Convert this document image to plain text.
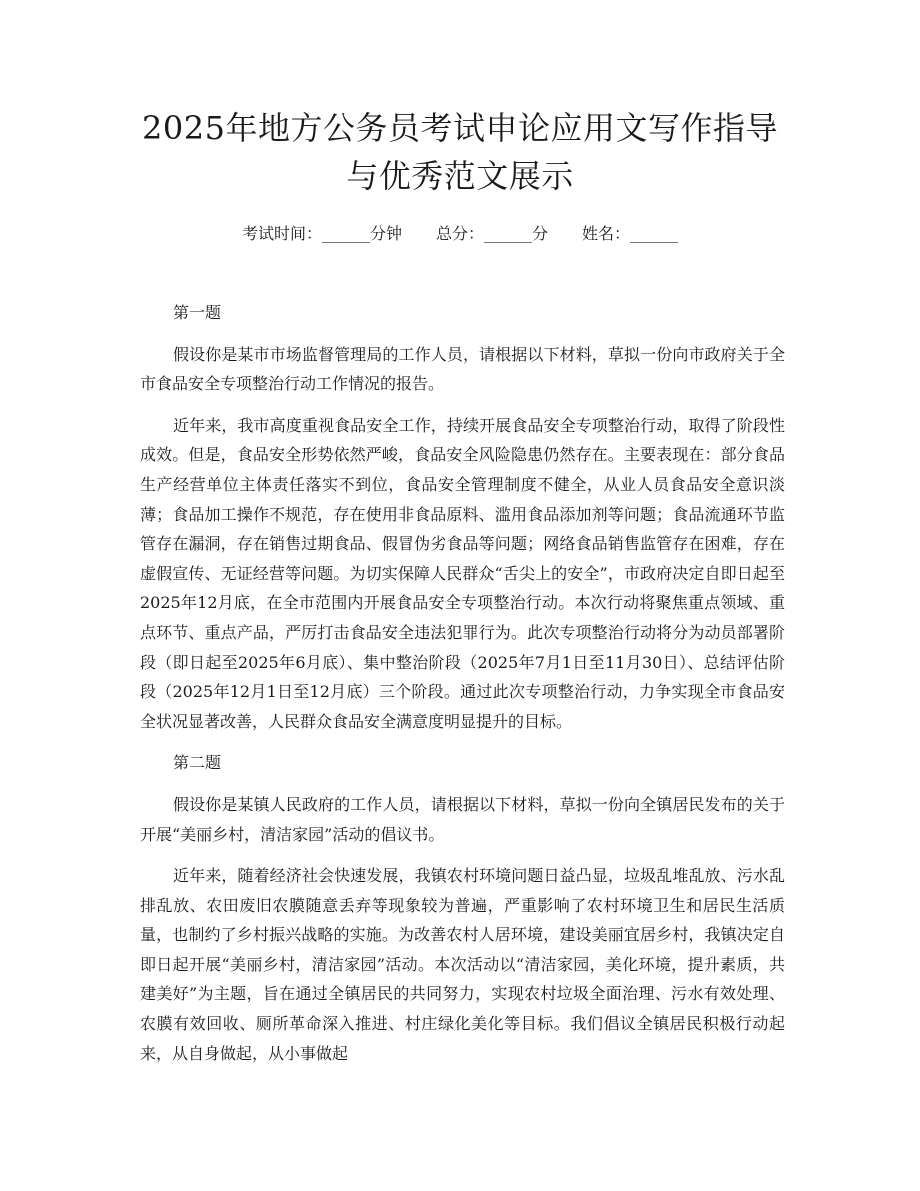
2025年地方公务员考试申论应用文写作指导
与优秀范文展示
考试时间：______分钟 总分：______分 姓名：______

第一题

假设你是某市市场监督管理局的工作人员，请根据以下材料，草拟一份向市政府关于全市食品安全专项整治行动工作情况的报告。

近年来，我市高度重视食品安全工作，持续开展食品安全专项整治行动，取得了阶段性成效。但是，食品安全形势依然严峻，食品安全风险隐患仍然存在。主要表现在：部分食品生产经营单位主体责任落实不到位，食品安全管理制度不健全，从业人员食品安全意识淡薄；食品加工操作不规范，存在使用非食品原料、滥用食品添加剂等问题；食品流通环节监管存在漏洞，存在销售过期食品、假冒伪劣食品等问题；网络食品销售监管存在困难，存在虚假宣传、无证经营等问题。为切实保障人民群众“舌尖上的安全”，市政府决定自即日起至2025年12月底，在全市范围内开展食品安全专项整治行动。本次行动将聚焦重点领域、重点环节、重点产品，严厉打击食品安全违法犯罪行为。此次专项整治行动将分为动员部署阶段（即日起至2025年6月底）、集中整治阶段（2025年7月1日至11月30日）、总结评估阶段（2025年12月1日至12月底）三个阶段。通过此次专项整治行动，力争实现全市食品安全状况显著改善，人民群众食品安全满意度明显提升的目标。

第二题

假设你是某镇人民政府的工作人员，请根据以下材料，草拟一份向全镇居民发布的关于开展“美丽乡村，清洁家园”活动的倡议书。

近年来，随着经济社会快速发展，我镇农村环境问题日益凸显，垃圾乱堆乱放、污水乱排乱放、农田废旧农膜随意丢弃等现象较为普遍，严重影响了农村环境卫生和居民生活质量，也制约了乡村振兴战略的实施。为改善农村人居环境，建设美丽宜居乡村，我镇决定自即日起开展“美丽乡村，清洁家园”活动。本次活动以“清洁家园，美化环境，提升素质，共建美好”为主题，旨在通过全镇居民的共同努力，实现农村垃圾全面治理、污水有效处理、农膜有效回收、厕所革命深入推进、村庄绿化美化等目标。我们倡议全镇居民积极行动起来，从自身做起，从小事做起
